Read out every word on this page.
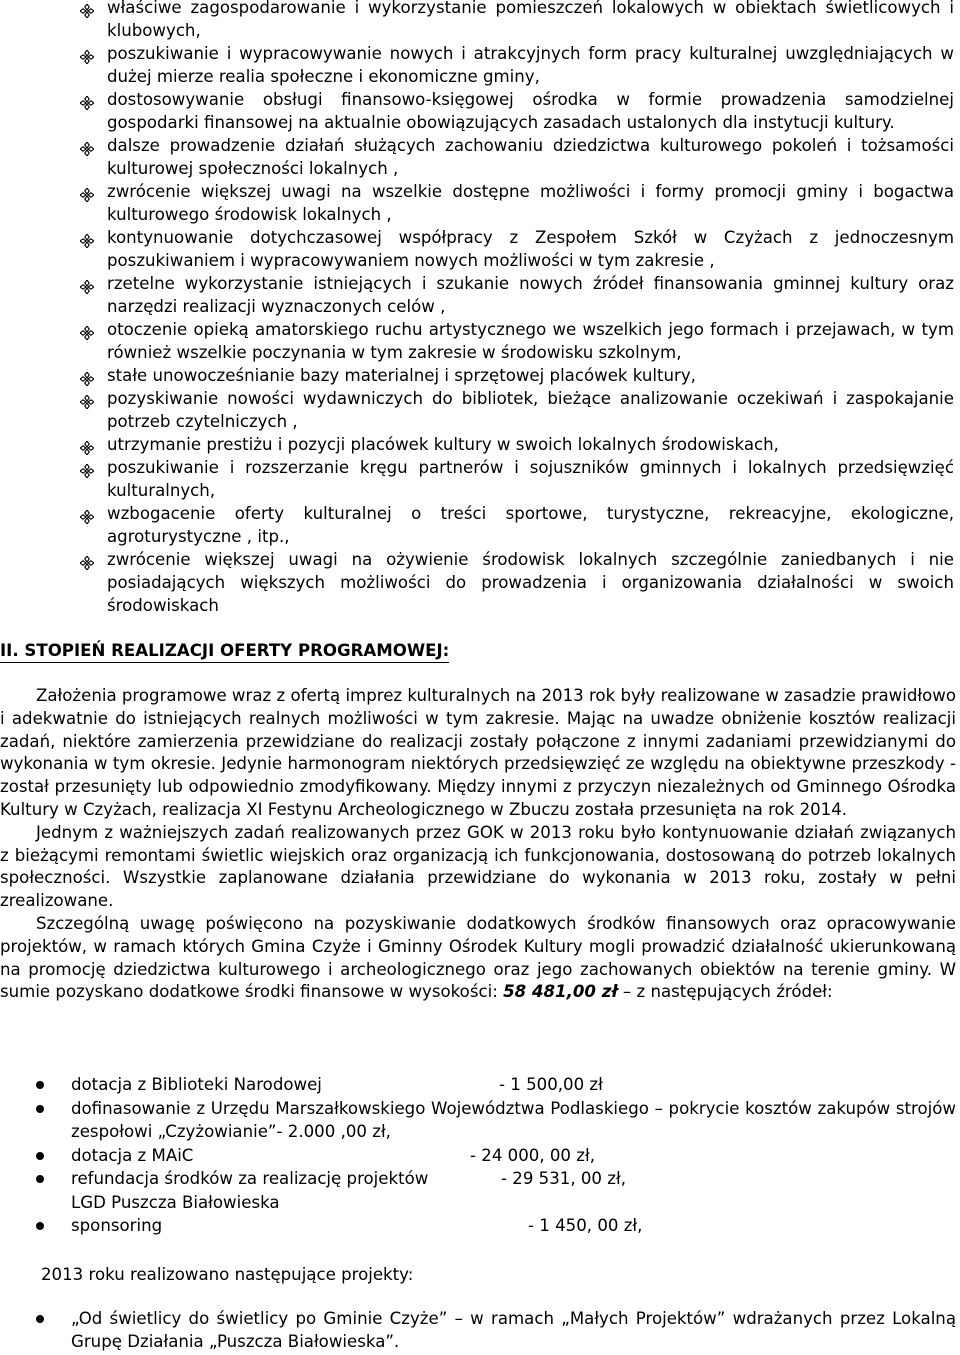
właściwe zagospodarowanie i wykorzystanie pomieszczeń lokalowych w obiektach świetlicowych i klubowych,
poszukiwanie i wypracowywanie nowych i atrakcyjnych form pracy kulturalnej uwzględniających w dużej mierze realia społeczne i ekonomiczne gminy,
dostosowywanie obsługi finansowo-księgowej ośrodka w formie prowadzenia samodzielnej gospodarki finansowej na aktualnie obowiązujących zasadach ustalonych dla instytucji kultury.
dalsze prowadzenie działań służących zachowaniu dziedzictwa kulturowego pokoleń i tożsamości kulturowej społeczności lokalnych ,
zwrócenie większej uwagi na wszelkie dostępne możliwości i formy promocji gminy i bogactwa kulturowego środowisk lokalnych ,
kontynuowanie dotychczasowej współpracy z Zespołem Szkół w Czyżach z jednoczesnym poszukiwaniem i wypracowywaniem nowych możliwości w tym zakresie ,
rzetelne wykorzystanie istniejących i szukanie nowych źródeł finansowania gminnej kultury oraz narzędzi realizacji wyznaczonych celów ,
otoczenie opieką amatorskiego ruchu artystycznego we wszelkich jego formach i przejawach, w tym również wszelkie poczynania w tym zakresie w środowisku szkolnym,
stałe unowocześnianie bazy materialnej i sprzętowej placówek kultury,
pozyskiwanie nowości wydawniczych do bibliotek, bieżące analizowanie oczekiwań i zaspokajanie potrzeb czytelniczych ,
utrzymanie prestiżu i pozycji placówek kultury w swoich lokalnych środowiskach,
poszukiwanie i rozszerzanie kręgu partnerów i sojuszników gminnych i lokalnych przedsięwzięć kulturalnych,
wzbogacenie oferty kulturalnej o treści sportowe, turystyczne, rekreacyjne, ekologiczne, agroturystyczne , itp.,
zwrócenie większej uwagi na ożywienie środowisk lokalnych szczególnie zaniedbanych i nie posiadających większych możliwości do prowadzenia i organizowania działalności w swoich środowiskach
II. STOPIEŃ REALIZACJI OFERTY PROGRAMOWEJ:

Założenia programowe wraz z ofertą imprez kulturalnych na 2013 rok były realizowane w zasadzie prawidłowo i adekwatnie do istniejących realnych możliwości w tym zakresie. Mając na uwadze obniżenie kosztów realizacji zadań, niektóre zamierzenia przewidziane do realizacji zostały połączone z innymi zadaniami przewidzianymi do wykonania w tym okresie. Jedynie harmonogram niektórych przedsięwzięć ze względu na obiektywne przeszkody - został przesunięty lub odpowiednio zmodyfikowany. Między innymi z przyczyn niezależnych od Gminnego Ośrodka Kultury w Czyżach, realizacja XI Festynu Archeologicznego w Zbuczu została przesunięta na rok 2014.

Jednym z ważniejszych zadań realizowanych przez GOK w 2013 roku było kontynuowanie działań związanych z bieżącymi remontami świetlic wiejskich oraz organizacją ich funkcjonowania, dostosowaną do potrzeb lokalnych społeczności. Wszystkie zaplanowane działania przewidziane do wykonania w 2013 roku, zostały w pełni zrealizowane.

Szczególną uwagę poświęcono na pozyskiwanie dodatkowych środków finansowych oraz opracowywanie projektów, w ramach których Gmina Czyże i Gminny Ośrodek Kultury mogli prowadzić działalność ukierunkowaną na promocję dziedzictwa kulturowego i archeologicznego oraz jego zachowanych obiektów na terenie gminy. W sumie pozyskano dodatkowe środki finansowe w wysokości: 58 481,00 zł – z następujących źródeł:

dotacja z Biblioteki Narodowej	- 1 500,00 zł
dofinasowanie z Urzędu Marszałkowskiego Województwa Podlaskiego – pokrycie kosztów zakupów strojów zespołowi „Czyżowianie”- 2.000 ,00 zł,
dotacja z MAiC	- 24 000, 00 zł,
refundacja środków za realizację projektów	- 29 531, 00 zł,
LGD Puszcza Białowieska
sponsoring	- 1 450, 00 zł,
2013 roku realizowano następujące projekty:
„Od świetlicy do świetlicy po Gminie Czyże” – w ramach „Małych Projektów” wdrażanych przez Lokalną Grupę Działania „Puszcza Białowieska”.
